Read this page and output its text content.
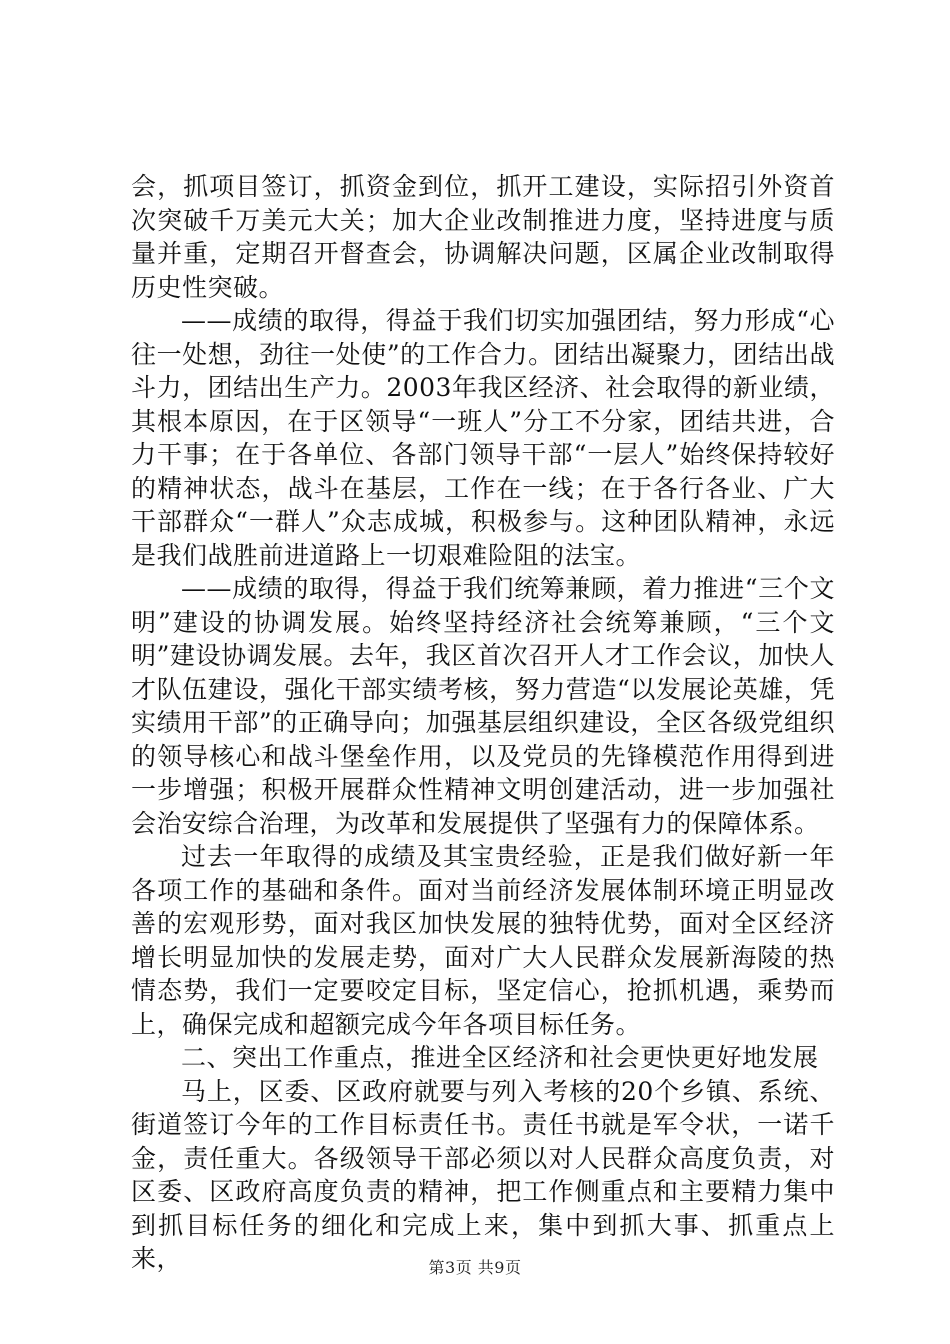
会，抓项目签订，抓资金到位，抓开工建设，实际招引外资首次突破千万美元大关；加大企业改制推进力度，坚持进度与质量并重，定期召开督查会，协调解决问题，区属企业改制取得历史性突破。

——成绩的取得，得益于我们切实加强团结，努力形成“心往一处想，劲往一处使”的工作合力。团结出凝聚力，团结出战斗力，团结出生产力。2003年我区经济、社会取得的新业绩，其根本原因，在于区领导“一班人”分工不分家，团结共进，合力干事；在于各单位、各部门领导干部“一层人”始终保持较好的精神状态，战斗在基层，工作在一线；在于各行各业、广大干部群众“一群人”众志成城，积极参与。这种团队精神，永远是我们战胜前进道路上一切艰难险阻的法宝。

——成绩的取得，得益于我们统筹兼顾，着力推进“三个文明”建设的协调发展。始终坚持经济社会统筹兼顾，“三个文明”建设协调发展。去年，我区首次召开人才工作会议，加快人才队伍建设，强化干部实绩考核，努力营造“以发展论英雄，凭实绩用干部”的正确导向；加强基层组织建设，全区各级党组织的领导核心和战斗堡垒作用，以及党员的先锋模范作用得到进一步增强；积极开展群众性精神文明创建活动，进一步加强社会治安综合治理，为改革和发展提供了坚强有力的保障体系。

过去一年取得的成绩及其宝贵经验，正是我们做好新一年各项工作的基础和条件。面对当前经济发展体制环境正明显改善的宏观形势，面对我区加快发展的独特优势，面对全区经济增长明显加快的发展走势，面对广大人民群众发展新海陵的热情态势，我们一定要咬定目标，坚定信心，抢抓机遇，乘势而上，确保完成和超额完成今年各项目标任务。

二、突出工作重点，推进全区经济和社会更快更好地发展

马上，区委、区政府就要与列入考核的20个乡镇、系统、街道签订今年的工作目标责任书。责任书就是军令状，一诺千金，责任重大。各级领导干部必须以对人民群众高度负责，对区委、区政府高度负责的精神，把工作侧重点和主要精力集中到抓目标任务的细化和完成上来，集中到抓大事、抓重点上来，	第3页 共9页
